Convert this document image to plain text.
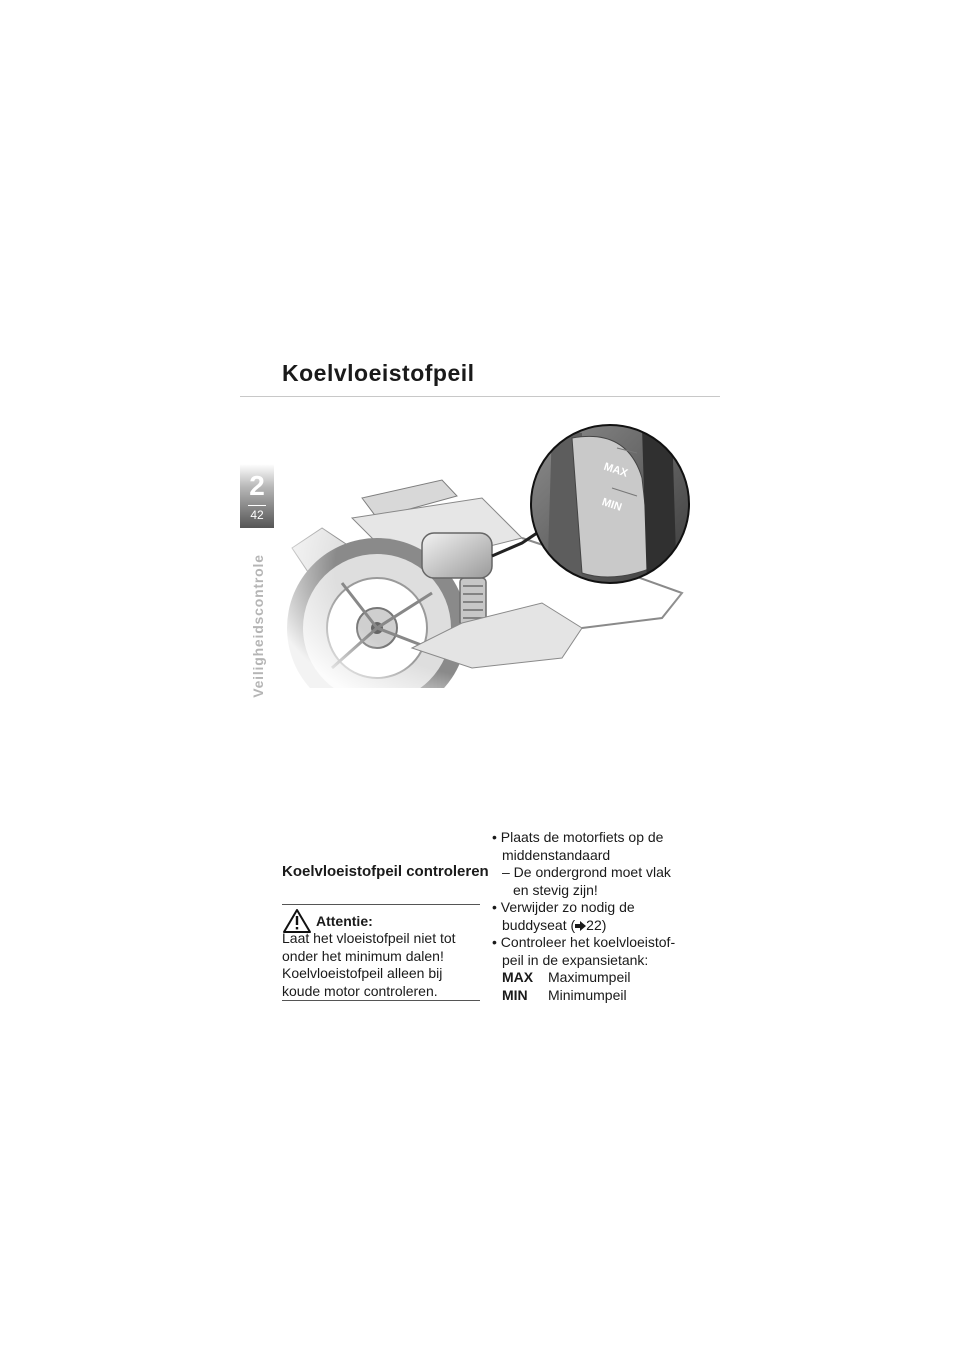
Koelvloeistofpeil
2
42
Veiligheidscontrole
MAX
MIN
Koelvloeistofpeil controleren
Attentie:
Laat het vloeistofpeil niet tot
onder het minimum dalen!
Koelvloeistofpeil alleen bij
koude motor controleren.
• Plaats de motorfiets op de
middenstandaard
– De ondergrond moet vlak
en stevig zijn!
• Verwijder zo nodig de
buddyseat ( 22)
• Controleer het koelvloeistof-
peil in de expansietank:
MAX	Maximumpeil
MIN	Minimumpeil
